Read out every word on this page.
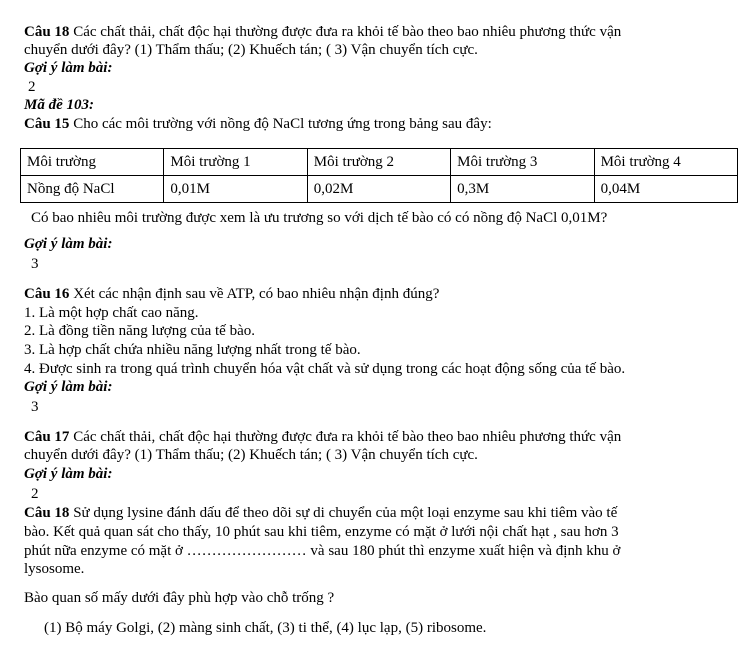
Câu 18 Các chất thải, chất độc hại thường được đưa ra khỏi tế bào theo bao nhiêu phương thức vận
chuyển dưới đây? (1) Thẩm thấu; (2) Khuếch tán; ( 3) Vận chuyển tích cực.
Gợi ý làm bài:
2
Mã đề 103:
Câu 15 Cho các môi trường với nồng độ NaCl tương ứng trong bảng sau đây:
Môi trường	Môi trường 1	Môi trường 2	Môi trường 3	Môi trường 4
Nồng độ NaCl	0,01M	0,02M	0,3M	0,04M
Có bao nhiêu môi trường được xem là ưu trương so với dịch tế bào có có nồng độ NaCl 0,01M?
Gợi ý làm bài:
3
Câu 16 Xét các nhận định sau về ATP, có bao nhiêu nhận định đúng?
1. Là một hợp chất cao năng.
2. Là đồng tiền năng lượng của tế bào.
3. Là hợp chất chứa nhiều năng lượng nhất trong tế bào.
4. Được sinh ra trong quá trình chuyển hóa vật chất và sử dụng trong các hoạt động sống của tế bào.
Gợi ý làm bài:
3
Câu 17 Các chất thải, chất độc hại thường được đưa ra khỏi tế bào theo bao nhiêu phương thức vận
chuyển dưới đây? (1) Thẩm thấu; (2) Khuếch tán; ( 3) Vận chuyển tích cực.
Gợi ý làm bài:
2
Câu 18 Sử dụng lysine đánh dấu để theo dõi sự di chuyển của một loại enzyme sau khi tiêm vào tế
bào. Kết quả quan sát cho thấy, 10 phút sau khi tiêm, enzyme có mặt ở lưới nội chất hạt , sau hơn 3
phút nữa enzyme có mặt ở …………………… và sau 180 phút thì enzyme xuất hiện và định khu ở
lysosome.
Bào quan số mấy dưới đây phù hợp vào chỗ trống ?
(1) Bộ máy Golgi, (2) màng sinh chất, (3) ti thể, (4) lục lạp, (5) ribosome.
